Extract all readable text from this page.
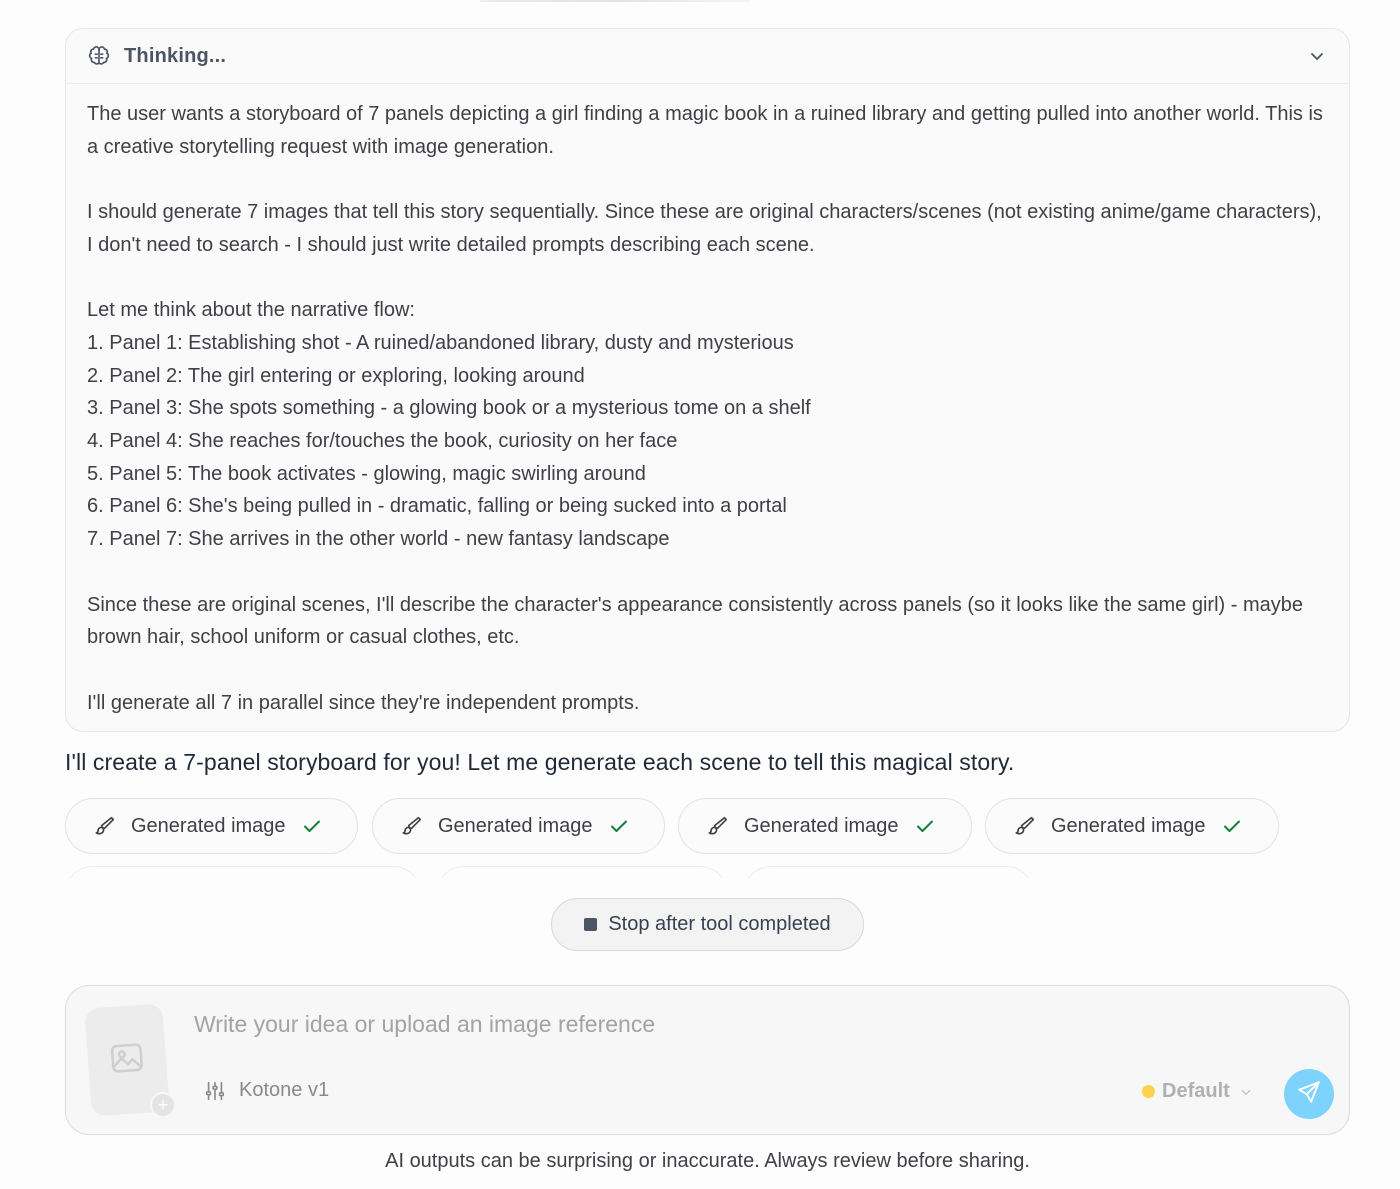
Thinking...

The user wants a storyboard of 7 panels depicting a girl finding a magic book in a ruined library and getting pulled into another world. This is a creative storytelling request with image generation.

I should generate 7 images that tell this story sequentially. Since these are original characters/scenes (not existing anime/game characters), I don't need to search - I should just write detailed prompts describing each scene.

Let me think about the narrative flow:

1. Panel 1: Establishing shot - A ruined/abandoned library, dusty and mysterious

2. Panel 2: The girl entering or exploring, looking around

3. Panel 3: She spots something - a glowing book or a mysterious tome on a shelf

4. Panel 4: She reaches for/touches the book, curiosity on her face

5. Panel 5: The book activates - glowing, magic swirling around

6. Panel 6: She's being pulled in - dramatic, falling or being sucked into a portal

7. Panel 7: She arrives in the other world - new fantasy landscape

Since these are original scenes, I'll describe the character's appearance consistently across panels (so it looks like the same girl) - maybe brown hair, school uniform or casual clothes, etc.

I'll generate all 7 in parallel since they're independent prompts.

I'll create a 7-panel storyboard for you! Let me generate each scene to tell this magical story.
Generated image	Generated image	Generated image	Generated image
Stop after tool completed
+
Write your idea or upload an image reference
Kotone v1	Default
AI outputs can be surprising or inaccurate. Always review before sharing.
